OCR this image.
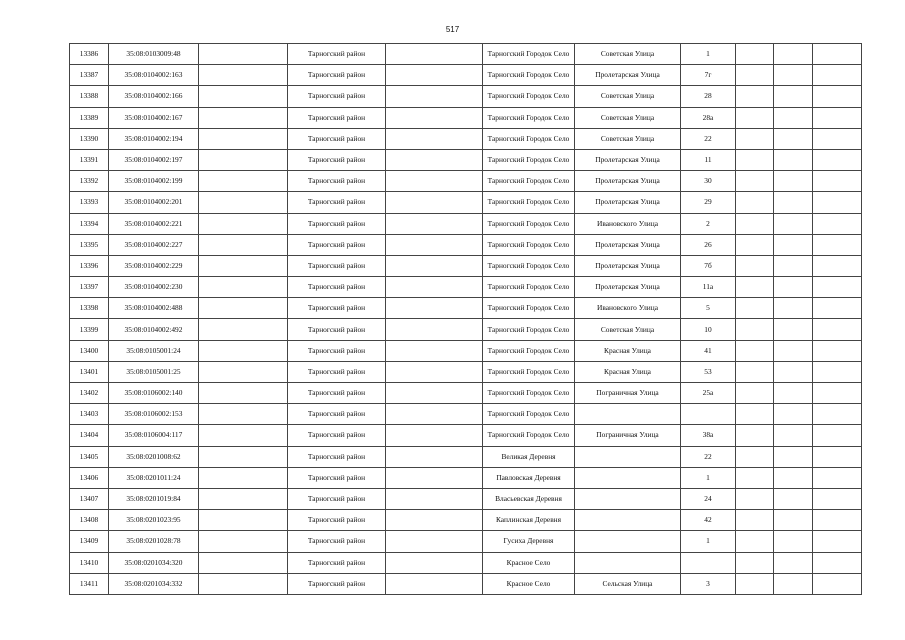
517
13386	35:08:0103009:48		Тарногский район		Тарногский Городок Село	Советская Улица	1			
13387	35:08:0104002:163		Тарногский район		Тарногский Городок Село	Пролетарская Улица	7г			
13388	35:08:0104002:166		Тарногский район		Тарногский Городок Село	Советская Улица	28			
13389	35:08:0104002:167		Тарногский район		Тарногский Городок Село	Советская Улица	28а			
13390	35:08:0104002:194		Тарногский район		Тарногский Городок Село	Советская Улица	22			
13391	35:08:0104002:197		Тарногский район		Тарногский Городок Село	Пролетарская Улица	11			
13392	35:08:0104002:199		Тарногский район		Тарногский Городок Село	Пролетарская Улица	30			
13393	35:08:0104002:201		Тарногский район		Тарногский Городок Село	Пролетарская Улица	29			
13394	35:08:0104002:221		Тарногский район		Тарногский Городок Село	Ивановского Улица	2			
13395	35:08:0104002:227		Тарногский район		Тарногский Городок Село	Пролетарская Улица	26			
13396	35:08:0104002:229		Тарногский район		Тарногский Городок Село	Пролетарская Улица	7б			
13397	35:08:0104002:230		Тарногский район		Тарногский Городок Село	Пролетарская Улица	11а			
13398	35:08:0104002:488		Тарногский район		Тарногский Городок Село	Ивановского Улица	5			
13399	35:08:0104002:492		Тарногский район		Тарногский Городок Село	Советская Улица	10			
13400	35:08:0105001:24		Тарногский район		Тарногский Городок Село	Красная Улица	41			
13401	35:08:0105001:25		Тарногский район		Тарногский Городок Село	Красная Улица	53			
13402	35:08:0106002:140		Тарногский район		Тарногский Городок Село	Пограничная Улица	25а			
13403	35:08:0106002:153		Тарногский район		Тарногский Городок Село					
13404	35:08:0106004:117		Тарногский район		Тарногский Городок Село	Пограничная Улица	38а			
13405	35:08:0201008:62		Тарногский район		Великая Деревня		22			
13406	35:08:0201011:24		Тарногский район		Павловская Деревня		1			
13407	35:08:0201019:84		Тарногский район		Власьевская Деревня		24			
13408	35:08:0201023:95		Тарногский район		Каплинская Деревня		42			
13409	35:08:0201028:78		Тарногский район		Гусиха Деревня		1			
13410	35:08:0201034:320		Тарногский район		Красное Село					
13411	35:08:0201034:332		Тарногский район		Красное Село	Сельская Улица	3			
